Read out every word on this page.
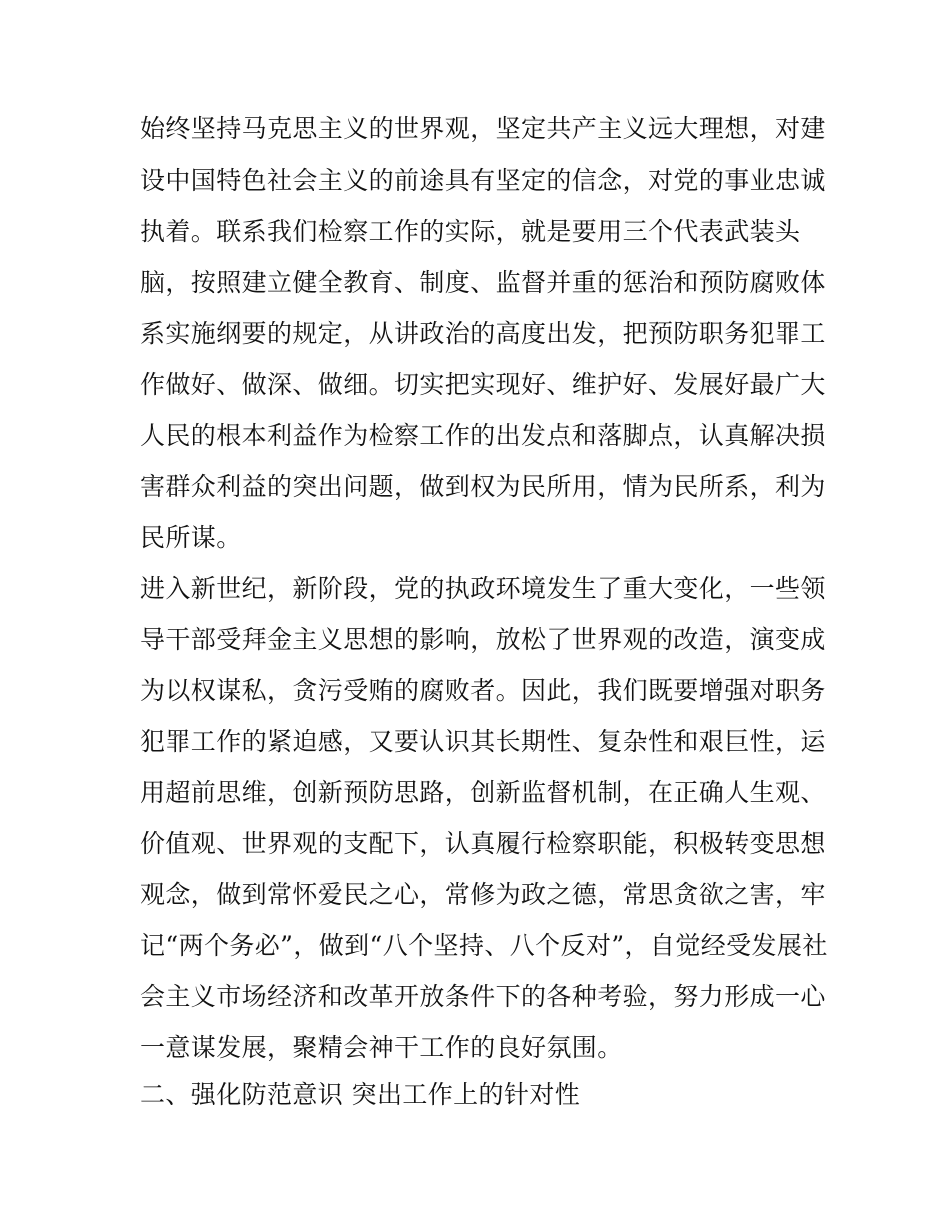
始终坚持马克思主义的世界观，坚定共产主义远大理想，对建
设中国特色社会主义的前途具有坚定的信念，对党的事业忠诚
执着。联系我们检察工作的实际，就是要用三个代表武装头
脑，按照建立健全教育、制度、监督并重的惩治和预防腐败体
系实施纲要的规定，从讲政治的高度出发，把预防职务犯罪工
作做好、做深、做细。切实把实现好、维护好、发展好最广大
人民的根本利益作为检察工作的出发点和落脚点，认真解决损
害群众利益的突出问题，做到权为民所用，情为民所系，利为
民所谋。
进入新世纪，新阶段，党的执政环境发生了重大变化，一些领
导干部受拜金主义思想的影响，放松了世界观的改造，演变成
为以权谋私，贪污受贿的腐败者。因此，我们既要增强对职务
犯罪工作的紧迫感，又要认识其长期性、复杂性和艰巨性，运
用超前思维，创新预防思路，创新监督机制，在正确人生观、
价值观、世界观的支配下，认真履行检察职能，积极转变思想
观念，做到常怀爱民之心，常修为政之德，常思贪欲之害，牢
记“两个务必”，做到“八个坚持、八个反对”，自觉经受发展社
会主义市场经济和改革开放条件下的各种考验，努力形成一心
一意谋发展，聚精会神干工作的良好氛围。
二、强化防范意识 突出工作上的针对性
